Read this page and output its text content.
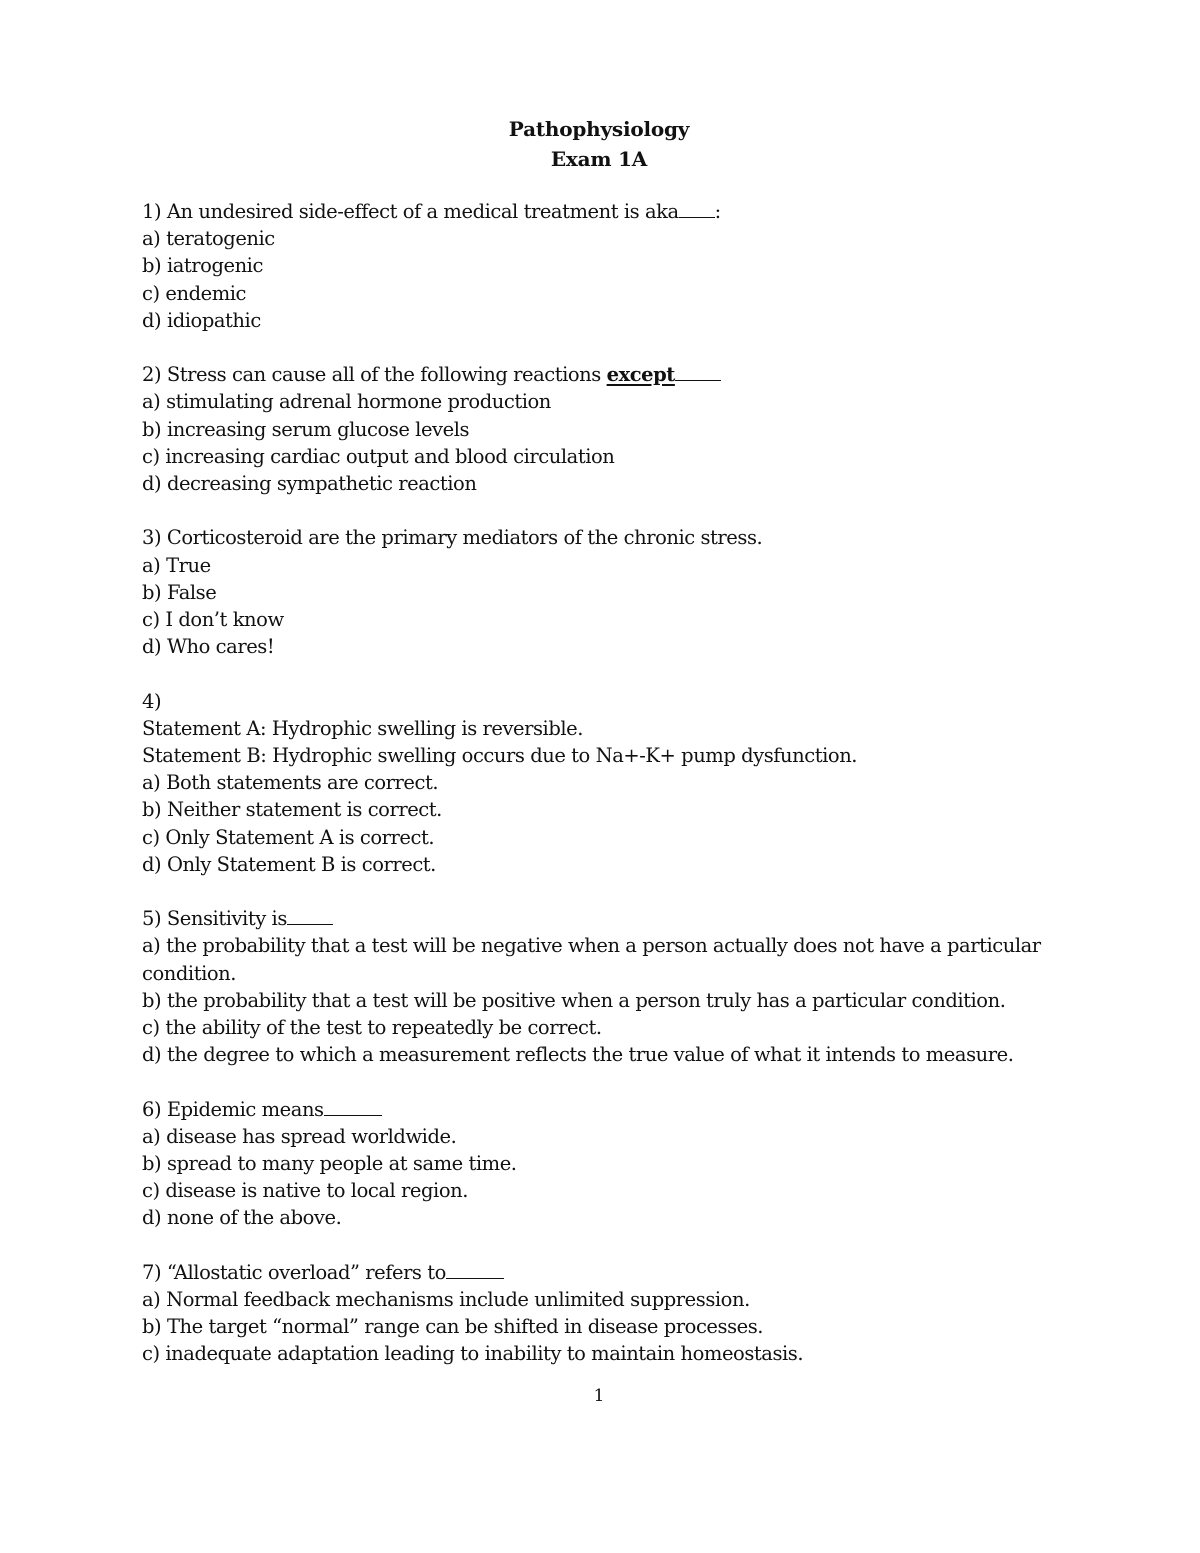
Pathophysiology
Exam 1A
1) An undesired side-effect of a medical treatment is aka :
a) teratogenic
b) iatrogenic
c) endemic
d) idiopathic
2) Stress can cause all of the following reactions except
a) stimulating adrenal hormone production
b) increasing serum glucose levels
c) increasing cardiac output and blood circulation
d) decreasing sympathetic reaction
3) Corticosteroid are the primary mediators of the chronic stress.
a) True
b) False
c) I don’t know
d) Who cares!
4)
Statement A: Hydrophic swelling is reversible.
Statement B: Hydrophic swelling occurs due to Na+-K+ pump dysfunction.
a) Both statements are correct.
b) Neither statement is correct.
c) Only Statement A is correct.
d) Only Statement B is correct.
5) Sensitivity is
a) the probability that a test will be negative when a person actually does not have a particular condition.
b) the probability that a test will be positive when a person truly has a particular condition.
c) the ability of the test to repeatedly be correct.
d) the degree to which a measurement reflects the true value of what it intends to measure.
6) Epidemic means
a) disease has spread worldwide.
b) spread to many people at same time.
c) disease is native to local region.
d) none of the above.
7) “Allostatic overload” refers to
a) Normal feedback mechanisms include unlimited suppression.
b) The target “normal” range can be shifted in disease processes.
c) inadequate adaptation leading to inability to maintain homeostasis.
1
